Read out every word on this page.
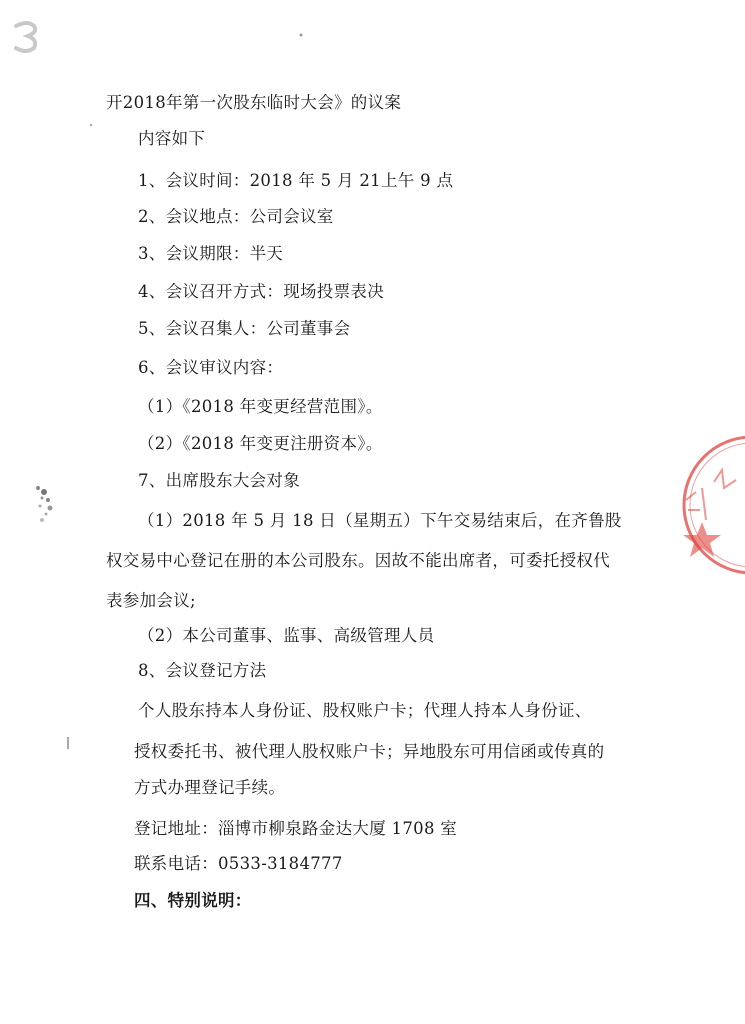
开2018年第一次股东临时大会》的议案
内容如下
1、会议时间：2018 年 5 月 21上午 9 点
2、会议地点：公司会议室
3、会议期限：半天
4、会议召开方式：现场投票表决
5、会议召集人：公司董事会
6、会议审议内容：
（1）《2018 年变更经营范围》。
（2）《2018 年变更注册资本》。
7、出席股东大会对象
（1）2018 年 5 月 18 日（星期五）下午交易结束后，在齐鲁股
权交易中心登记在册的本公司股东。因故不能出席者，可委托授权代
表参加会议;
（2）本公司董事、监事、高级管理人员
8、会议登记方法
个人股东持本人身份证、股权账户卡；代理人持本人身份证、
授权委托书、被代理人股权账户卡；异地股东可用信函或传真的
方式办理登记手续。
登记地址：淄博市柳泉路金达大厦 1708 室
联系电话：0533-3184777
四、特别说明：
